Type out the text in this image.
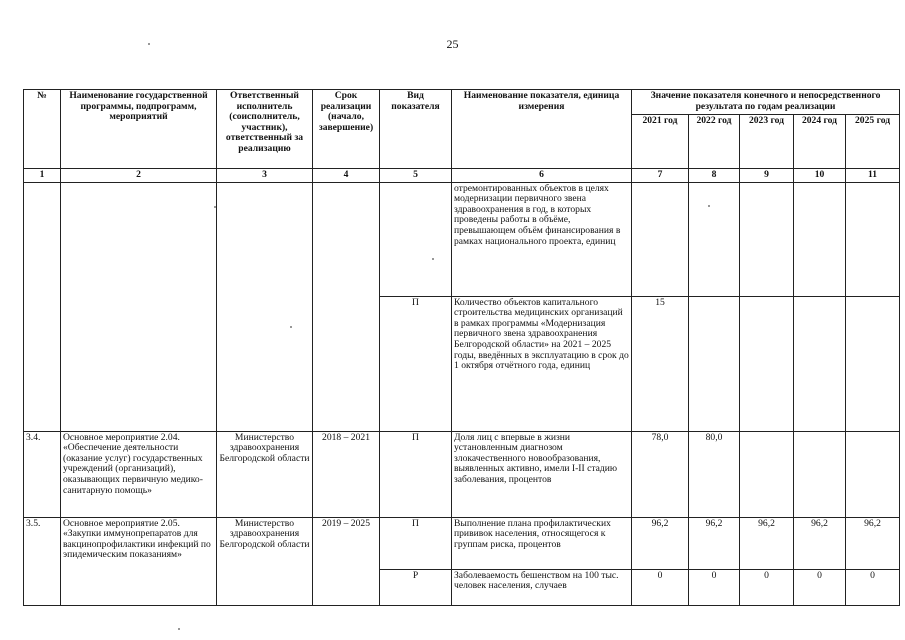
25
№	Наименование государственной программы, подпрограмм, мероприятий	Ответственный исполнитель (соисполнитель, участник), ответственный за реализацию	Срок реализации (начало, завершение)	Вид показателя	Наименование показателя, единица измерения	Значение показателя конечного и непосредственного результата по годам реализации				
						2021 год	2022 год	2023 год	2024 год	2025 год
1	2	3	4	5	6	7	8	9	10	11
					отремонтированных объектов в целях модернизации первичного звена здравоохранения в год, в которых проведены работы в объёме, превышающем объём финансирования в рамках национального проекта, единиц					
				П	Количество объектов капитального строительства медицинских организаций в рамках программы «Модернизация первичного звена здравоохранения Белгородской области» на 2021 – 2025 годы, введённых в эксплуатацию в срок до 1 октября отчётного года, единиц	15				
3.4.	Основное мероприятие 2.04. «Обеспечение деятельности (оказание услуг) государственных учреждений (организаций), оказывающих первичную медико-санитарную помощь»	Министерство здравоохранения Белгородской области	2018 – 2021	П	Доля лиц с впервые в жизни установленным диагнозом злокачественного новообразования, выявленных активно, имели I-II стадию заболевания, процентов	78,0	80,0			
3.5.	Основное мероприятие 2.05. «Закупки иммунопрепаратов для вакцинопрофилактики инфекций по эпидемическим показаниям»	Министерство здравоохранения Белгородской области	2019 – 2025	П	Выполнение плана профилактических прививок населения, относящегося к группам риска, процентов	96,2	96,2	96,2	96,2	96,2
				Р	Заболеваемость бешенством на 100 тыс. человек населения, случаев	0	0	0	0	0
